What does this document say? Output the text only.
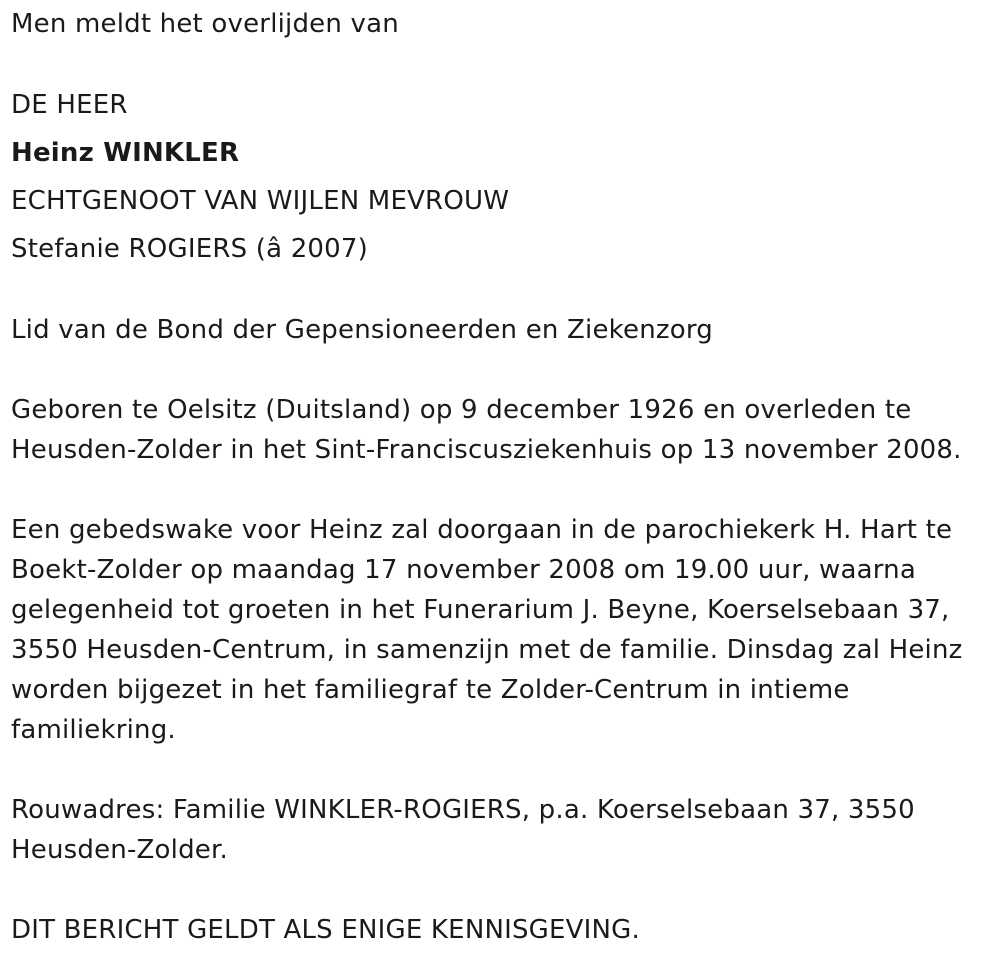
Men meldt het overlijden van
DE HEER
Heinz WINKLER
ECHTGENOOT VAN WIJLEN MEVROUW
Stefanie ROGIERS (â 2007)
Lid van de Bond der Gepensioneerden en Ziekenzorg
Geboren te Oelsitz (Duitsland) op 9 december 1926 en overleden te
Heusden-Zolder in het Sint-Franciscusziekenhuis op 13 november 2008.
Een gebedswake voor Heinz zal doorgaan in de parochiekerk H. Hart te
Boekt-Zolder op maandag 17 november 2008 om 19.00 uur, waarna
gelegenheid tot groeten in het Funerarium J. Beyne, Koerselsebaan 37,
3550 Heusden-Centrum, in samenzijn met de familie. Dinsdag zal Heinz
worden bijgezet in het familiegraf te Zolder-Centrum in intieme
familiekring.
Rouwadres: Familie WINKLER-ROGIERS, p.a. Koerselsebaan 37, 3550
Heusden-Zolder.
DIT BERICHT GELDT ALS ENIGE KENNISGEVING.
